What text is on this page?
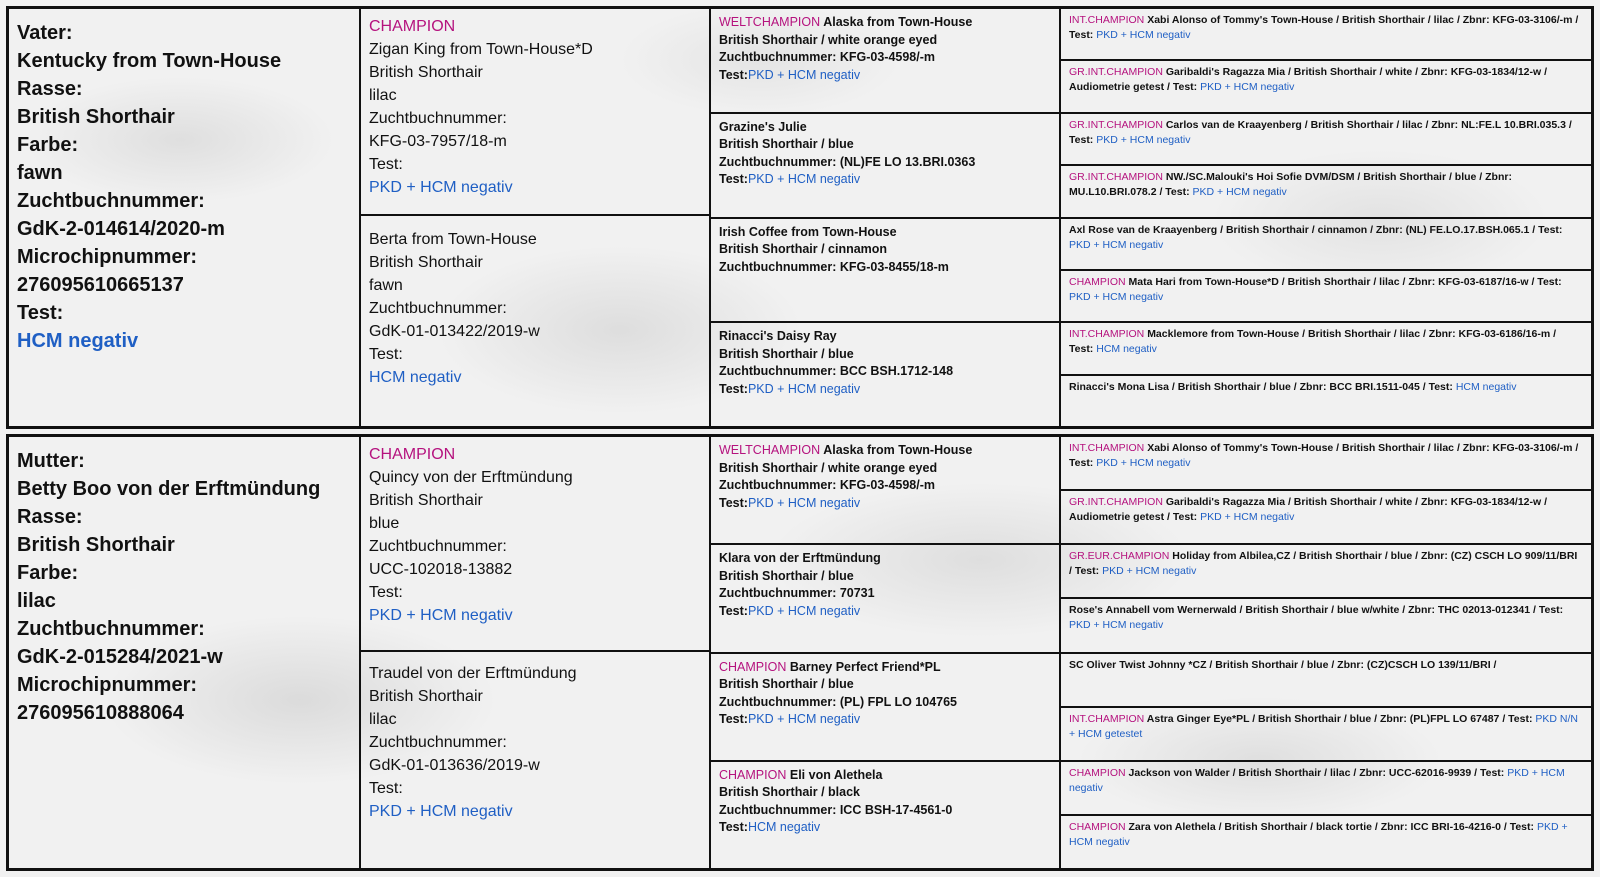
Vater:
Kentucky from Town-House
Rasse:
British Shorthair
Farbe:
fawn
Zuchtbuchnummer:
GdK-2-014614/2020-m
Microchipnummer:
276095610665137
Test:
HCM negativ
CHAMPION
Zigan King from Town-House*D
British Shorthair
lilac
Zuchtbuchnummer:
KFG-03-7957/18-m
Test:
PKD + HCM negativ
Berta from Town-House
British Shorthair
fawn
Zuchtbuchnummer:
GdK-01-013422/2019-w
Test:
HCM negativ
WELTCHAMPION Alaska from Town-House
British Shorthair / white orange eyed
Zuchtbuchnummer: KFG-03-4598/-m
Test:PKD + HCM negativ
Grazine's Julie
British Shorthair / blue
Zuchtbuchnummer: (NL)FE LO 13.BRI.0363
Test:PKD + HCM negativ
Irish Coffee from Town-House
British Shorthair / cinnamon
Zuchtbuchnummer: KFG-03-8455/18-m
Rinacci's Daisy Ray
British Shorthair / blue
Zuchtbuchnummer: BCC BSH.1712-148
Test:PKD + HCM negativ
INT.CHAMPION Xabi Alonso of Tommy's Town-House / British Shorthair / lilac / Zbnr: KFG-03-3106/-m / Test: PKD + HCM negativ
GR.INT.CHAMPION Garibaldi's Ragazza Mia / British Shorthair / white / Zbnr: KFG-03-1834/12-w / Audiometrie getest / Test: PKD + HCM negativ
GR.INT.CHAMPION Carlos van de Kraayenberg / British Shorthair / lilac / Zbnr: NL:FE.L 10.BRI.035.3 / Test: PKD + HCM negativ
GR.INT.CHAMPION NW./SC.Malouki's Hoi Sofie DVM/DSM / British Shorthair / blue / Zbnr: MU.L10.BRI.078.2 / Test: PKD + HCM negativ
Axl Rose van de Kraayenberg / British Shorthair / cinnamon / Zbnr: (NL) FE.LO.17.BSH.065.1 / Test: PKD + HCM negativ
CHAMPION Mata Hari from Town-House*D / British Shorthair / lilac / Zbnr: KFG-03-6187/16-w / Test: PKD + HCM negativ
INT.CHAMPION Macklemore from Town-House / British Shorthair / lilac / Zbnr: KFG-03-6186/16-m / Test: HCM negativ
Rinacci's Mona Lisa / British Shorthair / blue / Zbnr: BCC BRI.1511-045 / Test: HCM negativ
Mutter:
Betty Boo von der Erftmündung
Rasse:
British Shorthair
Farbe:
lilac
Zuchtbuchnummer:
GdK-2-015284/2021-w
Microchipnummer:
276095610888064
CHAMPION
Quincy von der Erftmündung
British Shorthair
blue
Zuchtbuchnummer:
UCC-102018-13882
Test:
PKD + HCM negativ
Traudel von der Erftmündung
British Shorthair
lilac
Zuchtbuchnummer:
GdK-01-013636/2019-w
Test:
PKD + HCM negativ
WELTCHAMPION Alaska from Town-House
British Shorthair / white orange eyed
Zuchtbuchnummer: KFG-03-4598/-m
Test:PKD + HCM negativ
Klara von der Erftmündung
British Shorthair / blue
Zuchtbuchnummer: 70731
Test:PKD + HCM negativ
CHAMPION Barney Perfect Friend*PL
British Shorthair / blue
Zuchtbuchnummer: (PL) FPL LO 104765
Test:PKD + HCM negativ
CHAMPION Eli von Alethela
British Shorthair / black
Zuchtbuchnummer: ICC BSH-17-4561-0
Test:HCM negativ
INT.CHAMPION Xabi Alonso of Tommy's Town-House / British Shorthair / lilac / Zbnr: KFG-03-3106/-m / Test: PKD + HCM negativ
GR.INT.CHAMPION Garibaldi's Ragazza Mia / British Shorthair / white / Zbnr: KFG-03-1834/12-w / Audiometrie getest / Test: PKD + HCM negativ
GR.EUR.CHAMPION Holiday from Albilea,CZ / British Shorthair / blue / Zbnr: (CZ) CSCH LO 909/11/BRI / Test: PKD + HCM negativ
Rose's Annabell vom Wernerwald / British Shorthair / blue w/white / Zbnr: THC 02013-012341 / Test: PKD + HCM negativ
SC Oliver Twist Johnny *CZ / British Shorthair / blue / Zbnr: (CZ)CSCH LO 139/11/BRI /
INT.CHAMPION Astra Ginger Eye*PL / British Shorthair / blue / Zbnr: (PL)FPL LO 67487 / Test: PKD N/N + HCM getestet
CHAMPION Jackson von Walder / British Shorthair / lilac / Zbnr: UCC-62016-9939 / Test: PKD + HCM negativ
CHAMPION Zara von Alethela / British Shorthair / black tortie / Zbnr: ICC BRI-16-4216-0 / Test: PKD + HCM negativ
